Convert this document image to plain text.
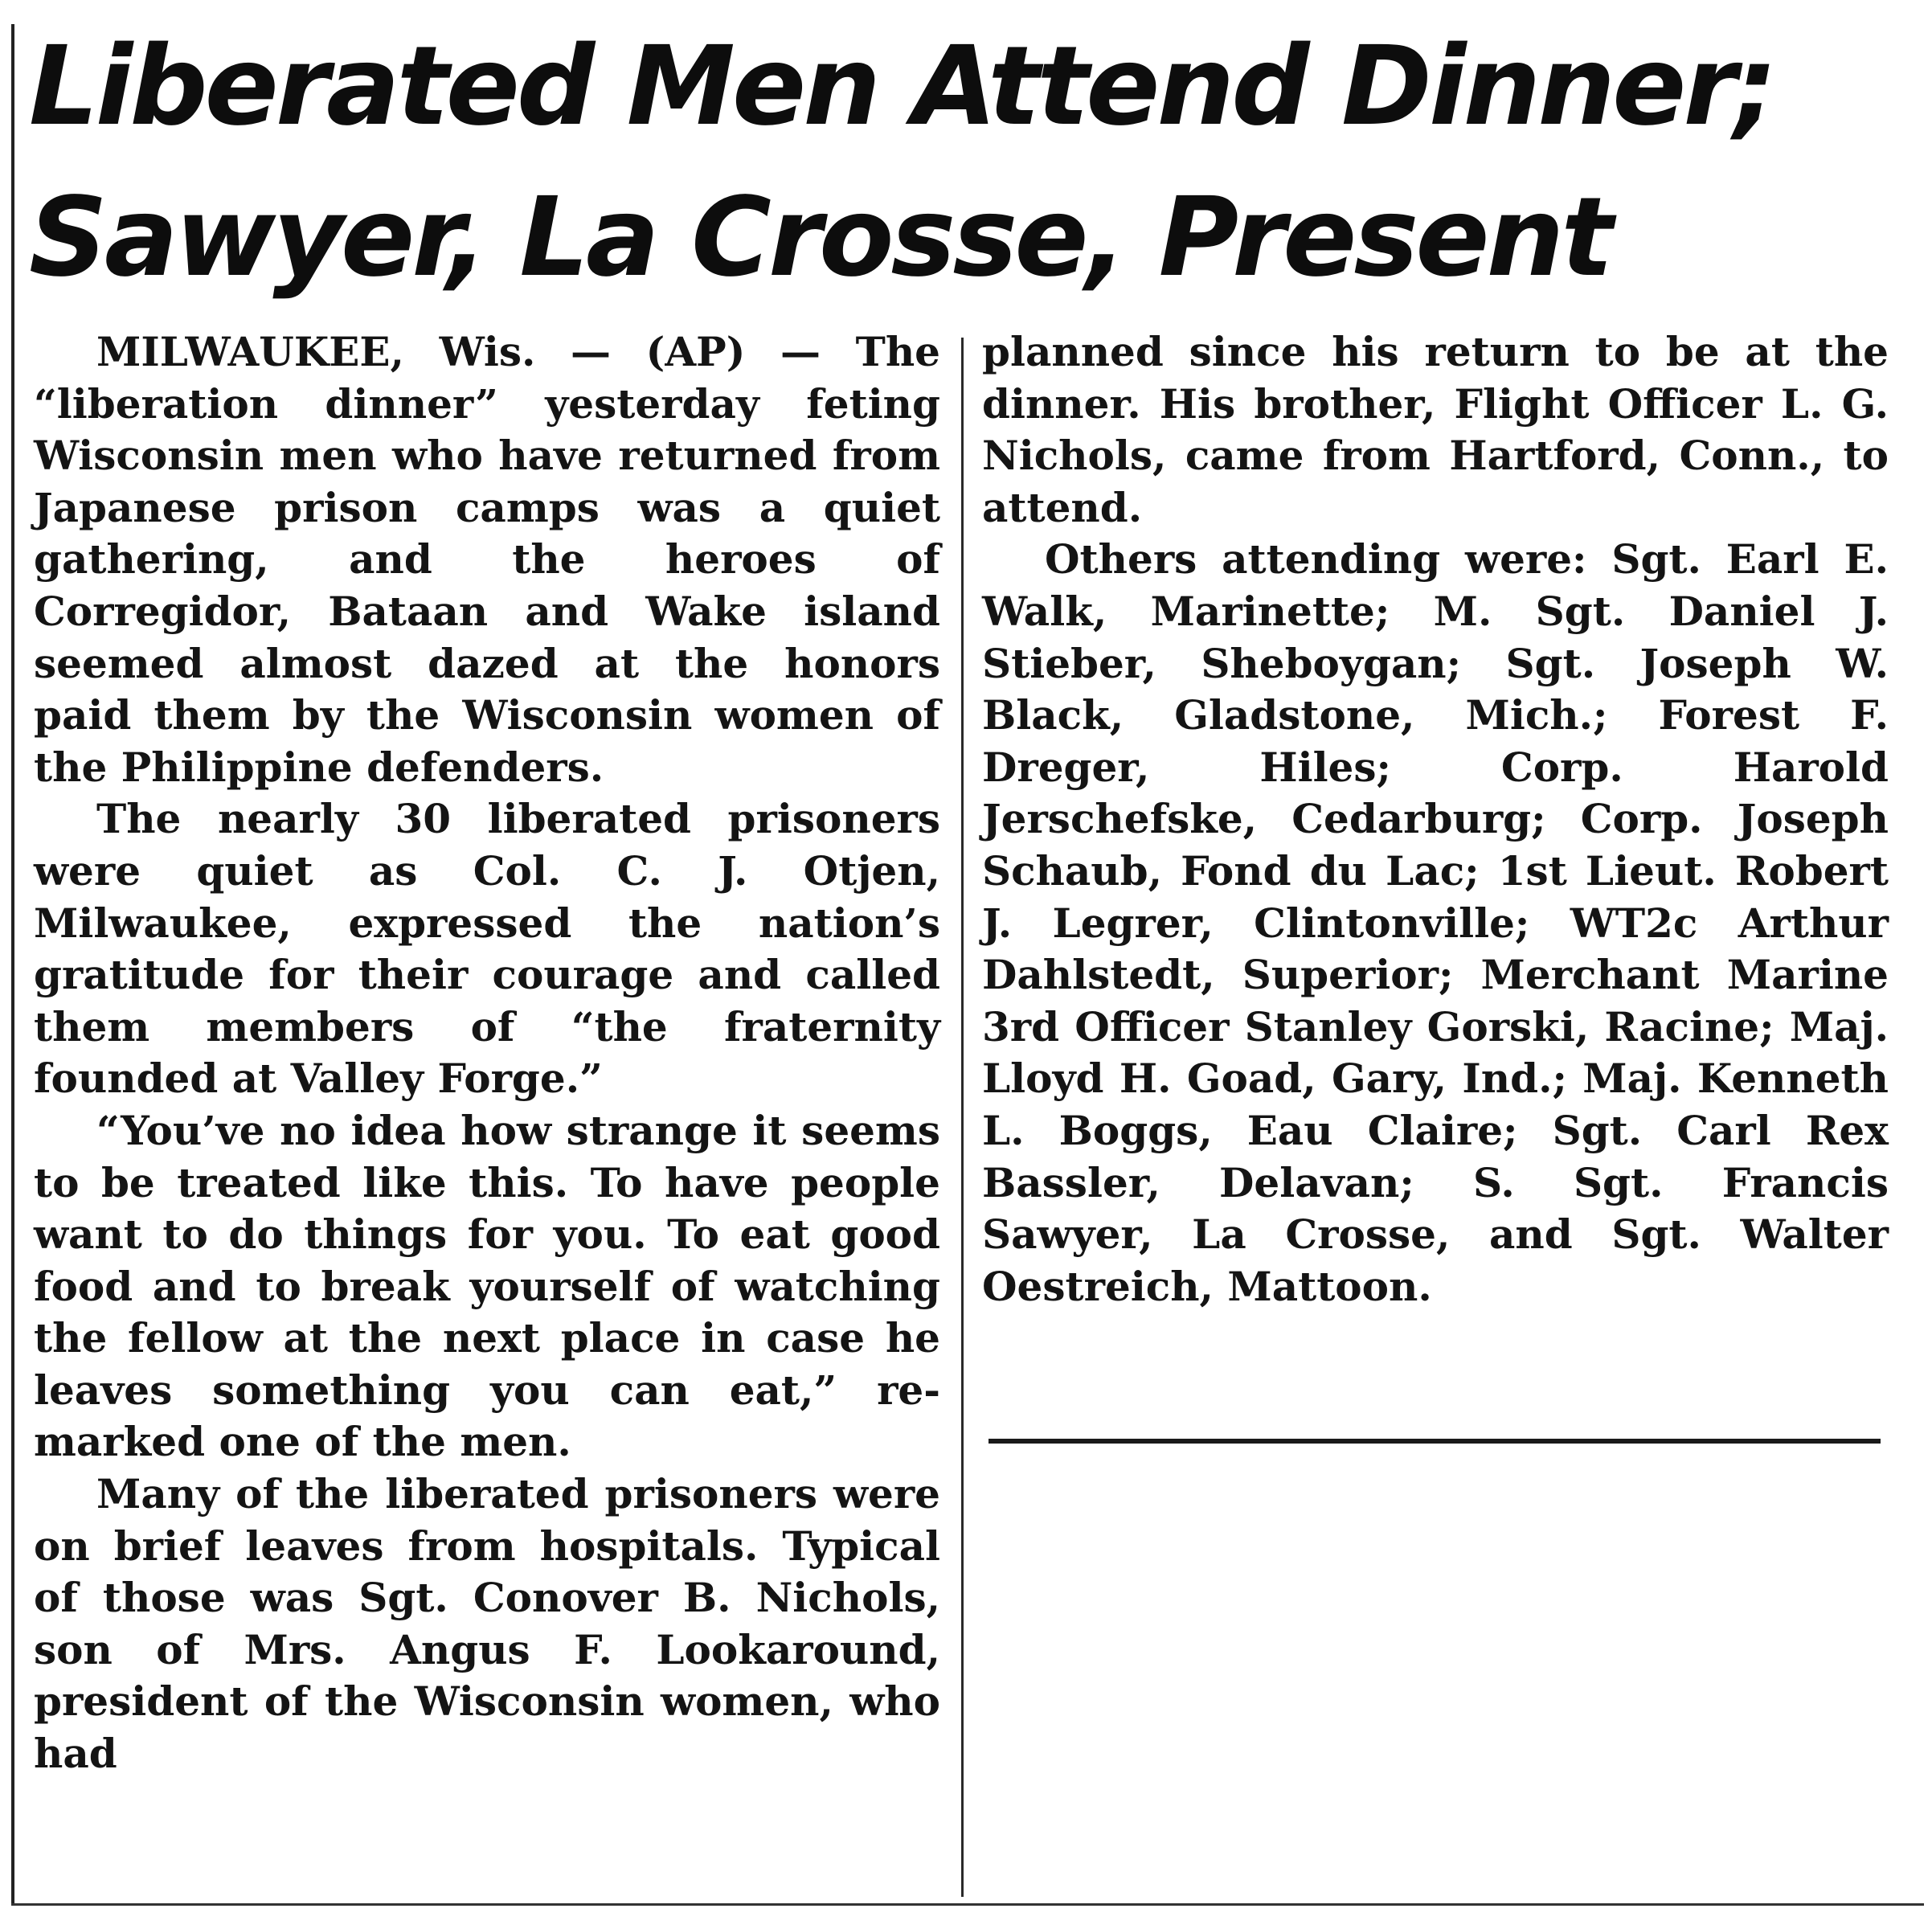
Liberated Men Attend Dinner;
Sawyer, La Crosse, Present

MILWAUKEE, Wis. — (AP) — The “liberation dinner” yesterday feting Wisconsin men who have returned from Japanese prison camps was a quiet gathering, and the heroes of Corregidor, Bataan and Wake island seemed almost dazed at the honors paid them by the Wisconsin women of the Philippine defenders.

The nearly 30 liberated prisoners were quiet as Col. C. J. Otjen, Milwaukee, expressed the nation’s gratitude for their courage and called them members of “the fraternity founded at Valley Forge.”

“You’ve no idea how strange it seems to be treated like this. To have people want to do things for you. To eat good food and to break yourself of watching the fellow at the next place in case he leaves something you can eat,” remarked one of the men.

Many of the liberated prisoners were on brief leaves from hospitals. Typical of those was Sgt. Conover B. Nichols, son of Mrs. Angus F. Lookaround, president of the Wisconsin women, who had

planned since his return to be at the dinner. His brother, Flight Officer L. G. Nichols, came from Hartford, Conn., to attend.

Others attending were: Sgt. Earl E. Walk, Marinette; M. Sgt. Daniel J. Stieber, Sheboygan; Sgt. Joseph W. Black, Gladstone, Mich.; Forest F. Dreger, Hiles; Corp. Harold Jerschefske, Cedarburg; Corp. Joseph Schaub, Fond du Lac; 1st Lieut. Robert J. Legrer, Clintonville; WT2c Arthur Dahlstedt, Superior; Merchant Marine 3rd Officer Stanley Gorski, Racine; Maj. Lloyd H. Goad, Gary, Ind.; Maj. Kenneth L. Boggs, Eau Claire; Sgt. Carl Rex Bassler, Delavan; S. Sgt. Francis Sawyer, La Crosse, and Sgt. Walter Oestreich, Mattoon.
